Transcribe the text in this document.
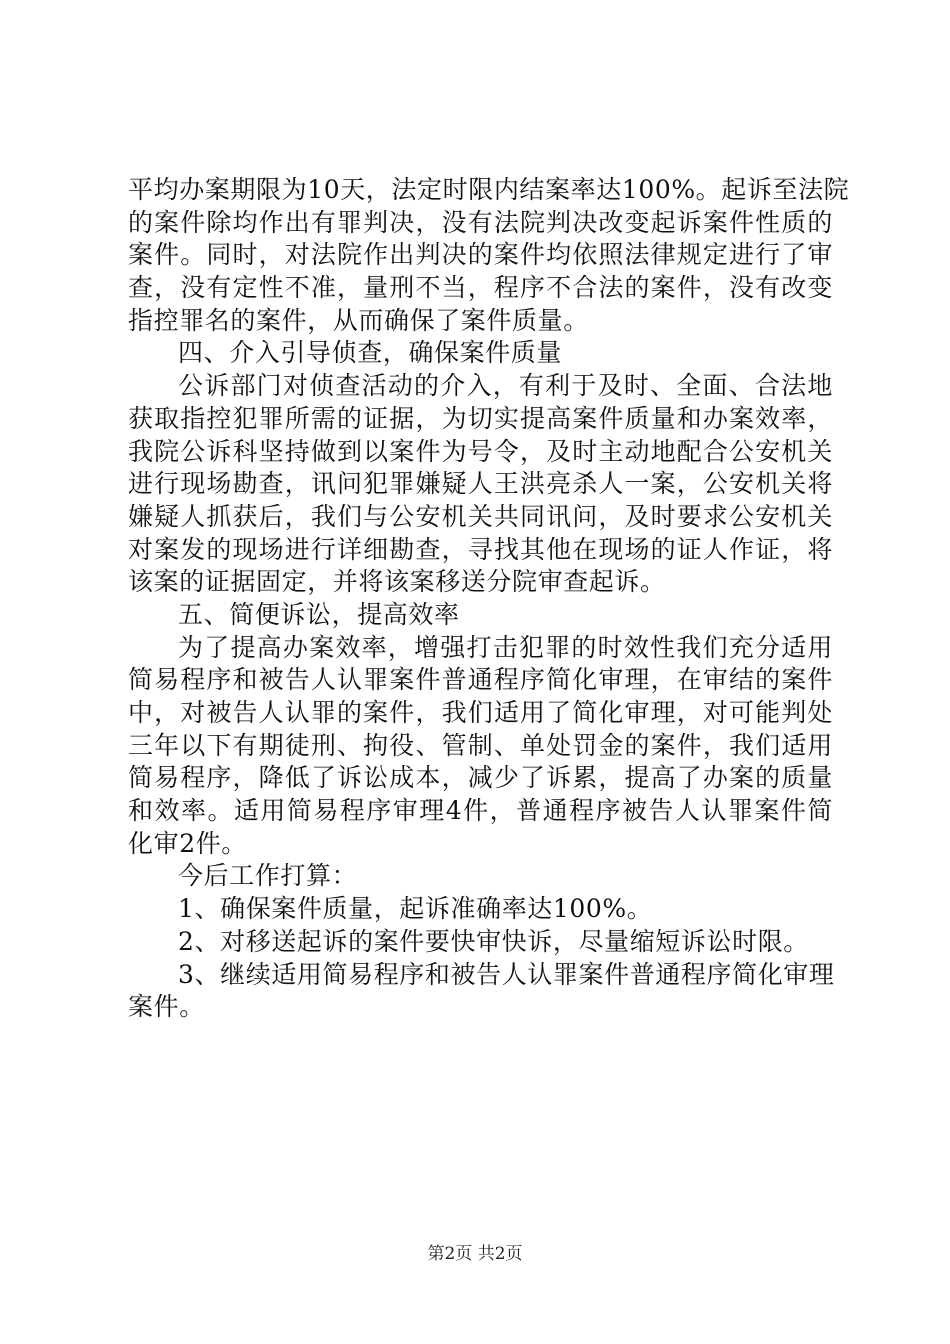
平均办案期限为10天，法定时限内结案率达100%。起诉至法院
的案件除均作出有罪判决，没有法院判决改变起诉案件性质的
案件。同时，对法院作出判决的案件均依照法律规定进行了审
查，没有定性不准，量刑不当，程序不合法的案件，没有改变
指控罪名的案件，从而确保了案件质量。
四、介入引导侦查，确保案件质量
公诉部门对侦查活动的介入，有利于及时、全面、合法地
获取指控犯罪所需的证据，为切实提高案件质量和办案效率，
我院公诉科坚持做到以案件为号令，及时主动地配合公安机关
进行现场勘查，讯问犯罪嫌疑人王洪亮杀人一案，公安机关将
嫌疑人抓获后，我们与公安机关共同讯问，及时要求公安机关
对案发的现场进行详细勘查，寻找其他在现场的证人作证，将
该案的证据固定，并将该案移送分院审查起诉。
五、简便诉讼，提高效率
为了提高办案效率，增强打击犯罪的时效性我们充分适用
简易程序和被告人认罪案件普通程序简化审理，在审结的案件
中，对被告人认罪的案件，我们适用了简化审理，对可能判处
三年以下有期徒刑、拘役、管制、单处罚金的案件，我们适用
简易程序，降低了诉讼成本，减少了诉累，提高了办案的质量
和效率。适用简易程序审理4件，普通程序被告人认罪案件简
化审2件。
今后工作打算：
1、确保案件质量，起诉准确率达100%。
2、对移送起诉的案件要快审快诉，尽量缩短诉讼时限。
3、继续适用简易程序和被告人认罪案件普通程序简化审理
案件。
第2页 共2页
